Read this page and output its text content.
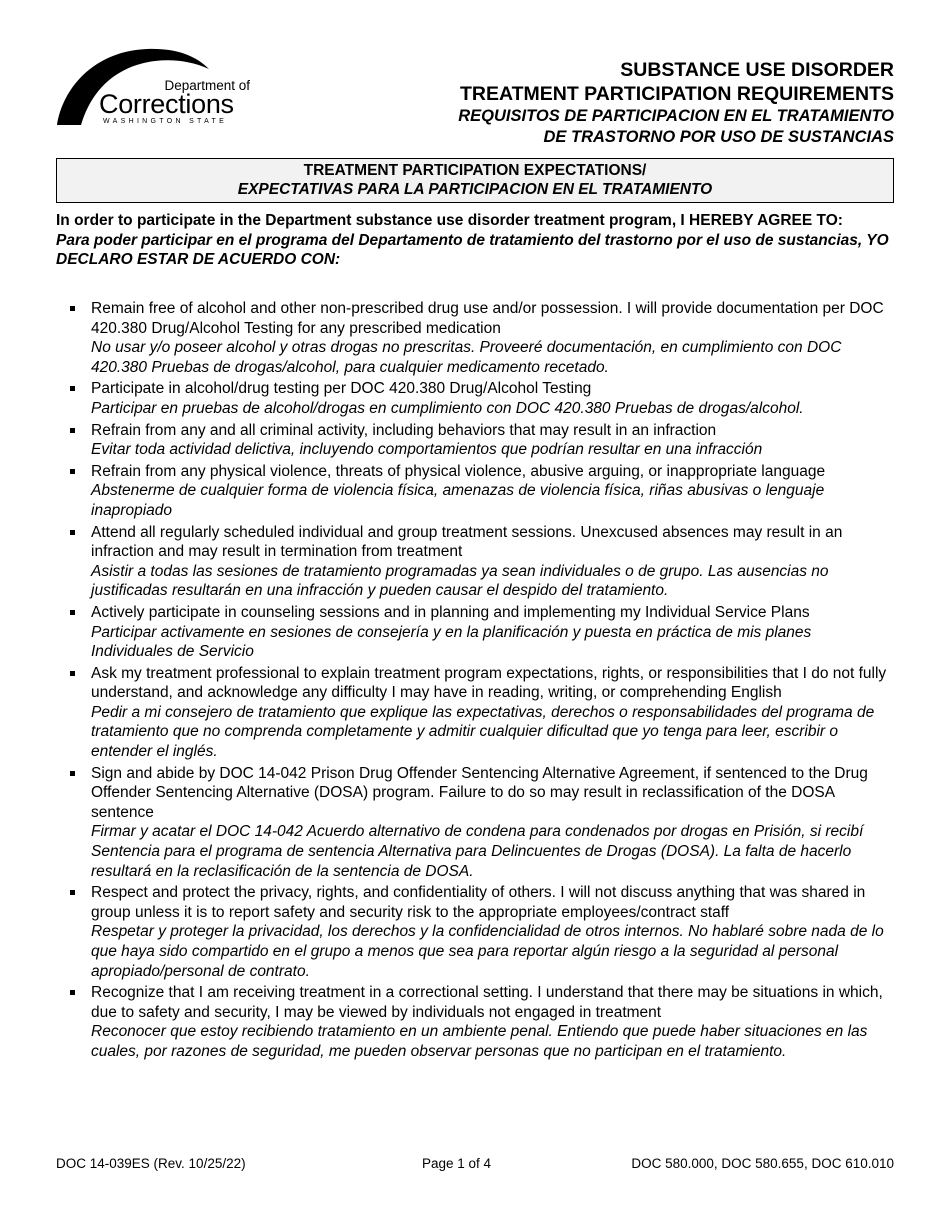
Department of
Corrections
WASHINGTON STATE
SUBSTANCE USE DISORDER
TREATMENT PARTICIPATION REQUIREMENTS
REQUISITOS DE PARTICIPACION EN EL TRATAMIENTO
DE TRASTORNO POR USO DE SUSTANCIAS
TREATMENT PARTICIPATION EXPECTATIONS/
EXPECTATIVAS PARA LA PARTICIPACION EN EL TRATAMIENTO
In order to participate in the Department substance use disorder treatment program, I HEREBY AGREE TO:
Para poder participar en el programa del Departamento de tratamiento del trastorno por el uso de sustancias, YO DECLARO ESTAR DE ACUERDO CON:
Remain free of alcohol and other non-prescribed drug use and/or possession. I will provide documentation per DOC 420.380 Drug/Alcohol Testing for any prescribed medication
No usar y/o poseer alcohol y otras drogas no prescritas. Proveeré documentación, en cumplimiento con DOC 420.380 Pruebas de drogas/alcohol, para cualquier medicamento recetado.
Participate in alcohol/drug testing per DOC 420.380 Drug/Alcohol Testing
Participar en pruebas de alcohol/drogas en cumplimiento con DOC 420.380 Pruebas de drogas/alcohol.
Refrain from any and all criminal activity, including behaviors that may result in an infraction
Evitar toda actividad delictiva, incluyendo comportamientos que podrían resultar en una infracción
Refrain from any physical violence, threats of physical violence, abusive arguing, or inappropriate language
Abstenerme de cualquier forma de violencia física, amenazas de violencia física, riñas abusivas o lenguaje inapropiado
Attend all regularly scheduled individual and group treatment sessions. Unexcused absences may result in an infraction and may result in termination from treatment
Asistir a todas las sesiones de tratamiento programadas ya sean individuales o de grupo. Las ausencias no justificadas resultarán en una infracción y pueden causar el despido del tratamiento.
Actively participate in counseling sessions and in planning and implementing my Individual Service Plans
Participar activamente en sesiones de consejería y en la planificación y puesta en práctica de mis planes Individuales de Servicio
Ask my treatment professional to explain treatment program expectations, rights, or responsibilities that I do not fully understand, and acknowledge any difficulty I may have in reading, writing, or comprehending English
Pedir a mi consejero de tratamiento que explique las expectativas, derechos o responsabilidades del programa de tratamiento que no comprenda completamente y admitir cualquier dificultad que yo tenga para leer, escribir o entender el inglés.
Sign and abide by DOC 14-042 Prison Drug Offender Sentencing Alternative Agreement, if sentenced to the Drug Offender Sentencing Alternative (DOSA) program. Failure to do so may result in reclassification of the DOSA sentence
Firmar y acatar el DOC 14-042 Acuerdo alternativo de condena para condenados por drogas en Prisión, si recibí Sentencia para el programa de sentencia Alternativa para Delincuentes de Drogas (DOSA). La falta de hacerlo resultará en la reclasificación de la sentencia de DOSA.
Respect and protect the privacy, rights, and confidentiality of others. I will not discuss anything that was shared in group unless it is to report safety and security risk to the appropriate employees/contract staff
Respetar y proteger la privacidad, los derechos y la confidencialidad de otros internos. No hablaré sobre nada de lo que haya sido compartido en el grupo a menos que sea para reportar algún riesgo a la seguridad al personal apropiado/personal de contrato.
Recognize that I am receiving treatment in a correctional setting. I understand that there may be situations in which, due to safety and security, I may be viewed by individuals not engaged in treatment
Reconocer que estoy recibiendo tratamiento en un ambiente penal. Entiendo que puede haber situaciones en las cuales, por razones de seguridad, me pueden observar personas que no participan en el tratamiento.
DOC 14-039ES (Rev. 10/25/22)	Page 1 of 4	DOC 580.000, DOC 580.655, DOC 610.010
